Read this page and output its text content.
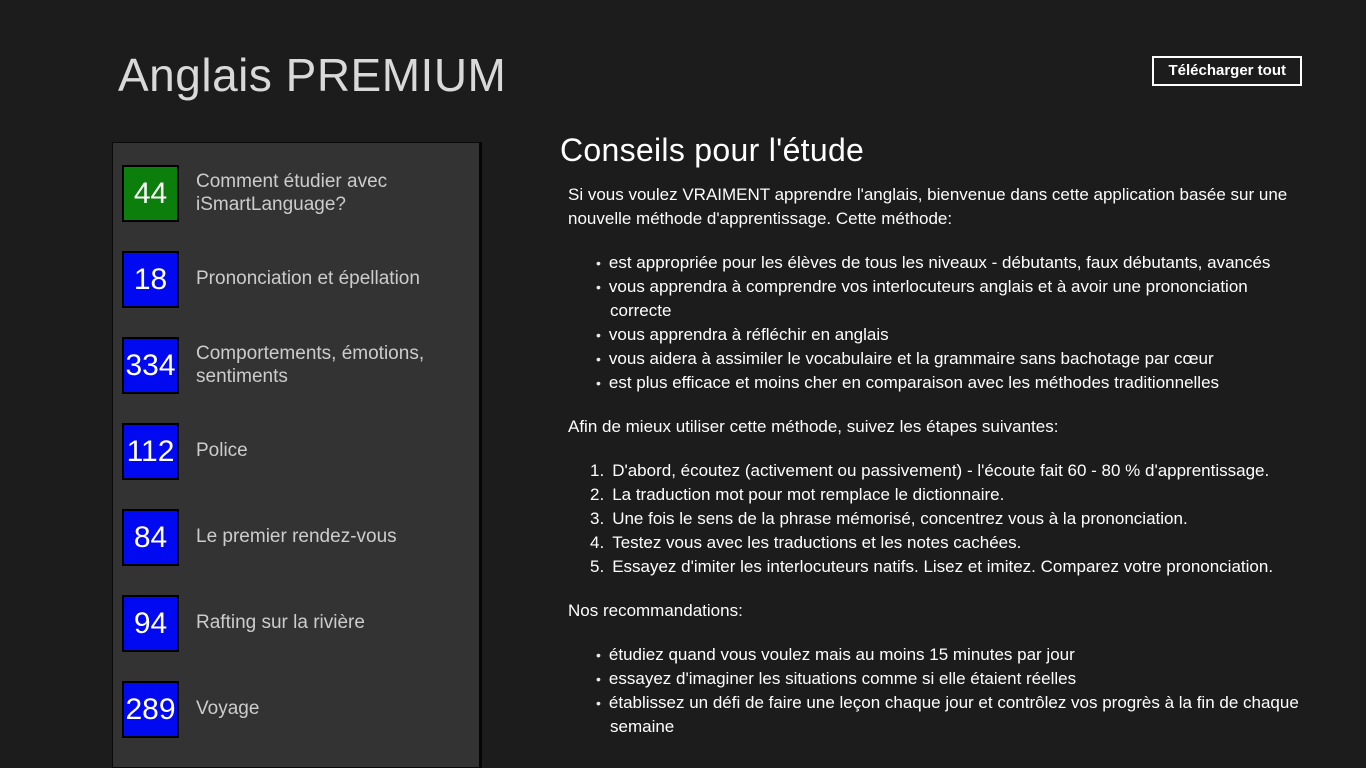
Anglais PREMIUM	Télécharger tout
44	Comment étudier avec iSmartLanguage?
18	Prononciation et épellation
334 Comportements, émotions, sentiments
112 Police
84	Le premier rendez-vous
94	Rafting sur la rivière
289 Voyage
Conseils pour l'étude

Si vous voulez VRAIMENT apprendre l'anglais, bienvenue dans cette application basée sur une nouvelle méthode d'apprentissage. Cette méthode:

• est appropriée pour les élèves de tous les niveaux - débutants, faux débutants, avancés
• vous apprendra à comprendre vos interlocuteurs anglais et à avoir une prononciation correcte
• vous apprendra à réfléchir en anglais
• vous aidera à assimiler le vocabulaire et la grammaire sans bachotage par cœur
• est plus efficace et moins cher en comparaison avec les méthodes traditionnelles

Afin de mieux utiliser cette méthode, suivez les étapes suivantes:

1. D'abord, écoutez (activement ou passivement) - l'écoute fait 60 - 80 % d'apprentissage.
2. La traduction mot pour mot remplace le dictionnaire.
3. Une fois le sens de la phrase mémorisé, concentrez vous à la prononciation.
4. Testez vous avec les traductions et les notes cachées.
5. Essayez d'imiter les interlocuteurs natifs. Lisez et imitez. Comparez votre prononciation.

Nos recommandations:

• étudiez quand vous voulez mais au moins 15 minutes par jour
• essayez d'imaginer les situations comme si elle étaient réelles
• établissez un défi de faire une leçon chaque jour et contrôlez vos progrès à la fin de chaque semaine
